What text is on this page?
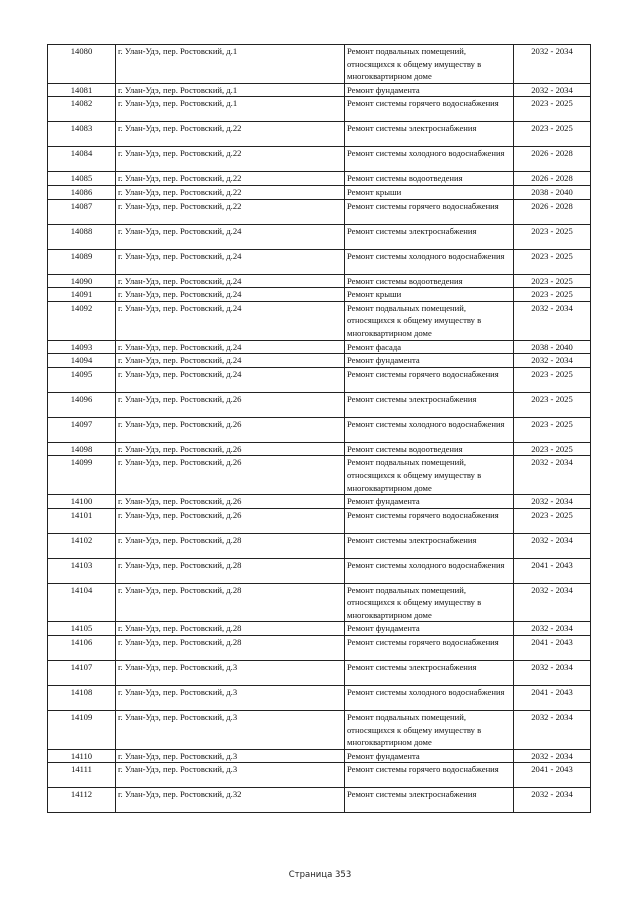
14080	г. Улан-Удэ, пер. Ростовский, д.1	Ремонт подвальных помещений, относящихся к общему имуществу в многоквартирном доме	2032 - 2034
14081	г. Улан-Удэ, пер. Ростовский, д.1	Ремонт фундамента	2032 - 2034
14082	г. Улан-Удэ, пер. Ростовский, д.1	Ремонт системы горячего водоснабжения	2023 - 2025
14083	г. Улан-Удэ, пер. Ростовский, д.22	Ремонт системы электроснабжения	2023 - 2025
14084	г. Улан-Удэ, пер. Ростовский, д.22	Ремонт системы холодного водоснабжения	2026 - 2028
14085	г. Улан-Удэ, пер. Ростовский, д.22	Ремонт системы водоотведения	2026 - 2028
14086	г. Улан-Удэ, пер. Ростовский, д.22	Ремонт крыши	2038 - 2040
14087	г. Улан-Удэ, пер. Ростовский, д.22	Ремонт системы горячего водоснабжения	2026 - 2028
14088	г. Улан-Удэ, пер. Ростовский, д.24	Ремонт системы электроснабжения	2023 - 2025
14089	г. Улан-Удэ, пер. Ростовский, д.24	Ремонт системы холодного водоснабжения	2023 - 2025
14090	г. Улан-Удэ, пер. Ростовский, д.24	Ремонт системы водоотведения	2023 - 2025
14091	г. Улан-Удэ, пер. Ростовский, д.24	Ремонт крыши	2023 - 2025
14092	г. Улан-Удэ, пер. Ростовский, д.24	Ремонт подвальных помещений, относящихся к общему имуществу в многоквартирном доме	2032 - 2034
14093	г. Улан-Удэ, пер. Ростовский, д.24	Ремонт фасада	2038 - 2040
14094	г. Улан-Удэ, пер. Ростовский, д.24	Ремонт фундамента	2032 - 2034
14095	г. Улан-Удэ, пер. Ростовский, д.24	Ремонт системы горячего водоснабжения	2023 - 2025
14096	г. Улан-Удэ, пер. Ростовский, д.26	Ремонт системы электроснабжения	2023 - 2025
14097	г. Улан-Удэ, пер. Ростовский, д.26	Ремонт системы холодного водоснабжения	2023 - 2025
14098	г. Улан-Удэ, пер. Ростовский, д.26	Ремонт системы водоотведения	2023 - 2025
14099	г. Улан-Удэ, пер. Ростовский, д.26	Ремонт подвальных помещений, относящихся к общему имуществу в многоквартирном доме	2032 - 2034
14100	г. Улан-Удэ, пер. Ростовский, д.26	Ремонт фундамента	2032 - 2034
14101	г. Улан-Удэ, пер. Ростовский, д.26	Ремонт системы горячего водоснабжения	2023 - 2025
14102	г. Улан-Удэ, пер. Ростовский, д.28	Ремонт системы электроснабжения	2032 - 2034
14103	г. Улан-Удэ, пер. Ростовский, д.28	Ремонт системы холодного водоснабжения	2041 - 2043
14104	г. Улан-Удэ, пер. Ростовский, д.28	Ремонт подвальных помещений, относящихся к общему имуществу в многоквартирном доме	2032 - 2034
14105	г. Улан-Удэ, пер. Ростовский, д.28	Ремонт фундамента	2032 - 2034
14106	г. Улан-Удэ, пер. Ростовский, д.28	Ремонт системы горячего водоснабжения	2041 - 2043
14107	г. Улан-Удэ, пер. Ростовский, д.3	Ремонт системы электроснабжения	2032 - 2034
14108	г. Улан-Удэ, пер. Ростовский, д.3	Ремонт системы холодного водоснабжения	2041 - 2043
14109	г. Улан-Удэ, пер. Ростовский, д.3	Ремонт подвальных помещений, относящихся к общему имуществу в многоквартирном доме	2032 - 2034
14110	г. Улан-Удэ, пер. Ростовский, д.3	Ремонт фундамента	2032 - 2034
14111	г. Улан-Удэ, пер. Ростовский, д.3	Ремонт системы горячего водоснабжения	2041 - 2043
14112	г. Улан-Удэ, пер. Ростовский, д.32	Ремонт системы электроснабжения	2032 - 2034
Страница 353
